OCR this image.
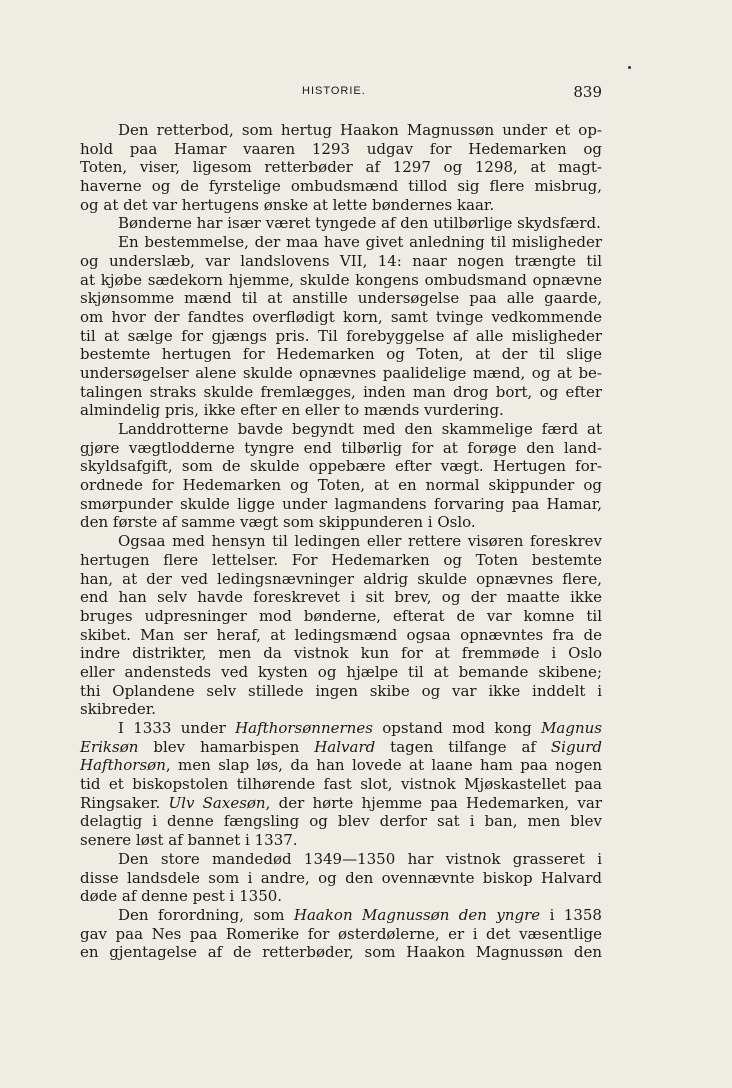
HISTORIE.	839
Den retterbod, som hertug Haakon Magnussøn under et op-
hold paa Hamar vaaren 1293 udgav for Hedemarken og
Toten, viser, ligesom retterbøder af 1297 og 1298, at magt-
haverne og de fyrstelige ombudsmænd tillod sig flere misbrug,
og at det var hertugens ønske at lette bøndernes kaar.
Bønderne har især været tyngede af den utilbørlige skydsfærd.
En bestemmelse, der maa have givet anledning til misligheder
og underslæb, var landslovens VII, 14: naar nogen trængte til
at kjøbe sædekorn hjemme, skulde kongens ombudsmand opnævne
skjønsomme mænd til at anstille undersøgelse paa alle gaarde,
om hvor der fandtes overflødigt korn, samt tvinge vedkommende
til at sælge for gjængs pris. Til forebyggelse af alle misligheder
bestemte hertugen for Hedemarken og Toten, at der til slige
undersøgelser alene skulde opnævnes paalidelige mænd, og at be-
talingen straks skulde fremlægges, inden man drog bort, og efter
almindelig pris, ikke efter en eller to mænds vurdering.
Landdrotterne bavde begyndt med den skammelige færd at
gjøre vægtlodderne tyngre end tilbørlig for at forøge den land-
skyldsafgift, som de skulde oppebære efter vægt. Hertugen for-
ordnede for Hedemarken og Toten, at en normal skippunder og
smørpunder skulde ligge under lagmandens forvaring paa Hamar,
den første af samme vægt som skippunderen i Oslo.
Ogsaa med hensyn til ledingen eller rettere visøren foreskrev
hertugen flere lettelser. For Hedemarken og Toten bestemte
han, at der ved ledingsnævninger aldrig skulde opnævnes flere,
end han selv havde foreskrevet i sit brev, og der maatte ikke
bruges udpresninger mod bønderne, efterat de var komne til
skibet. Man ser heraf, at ledingsmænd ogsaa opnævntes fra de
indre distrikter, men da vistnok kun for at fremmøde i Oslo
eller andensteds ved kysten og hjælpe til at bemande skibene;
thi Oplandene selv stillede ingen skibe og var ikke inddelt i
skibreder.
I 1333 under Hafthorsønnernes opstand mod kong Magnus
Eriksøn blev hamarbispen Halvard tagen tilfange af Sigurd
Hafthorsøn, men slap løs, da han lovede at laane ham paa nogen
tid et biskopstolen tilhørende fast slot, vistnok Mjøskastellet paa
Ringsaker. Ulv Saxesøn, der hørte hjemme paa Hedemarken, var
delagtig i denne fængsling og blev derfor sat i ban, men blev
senere løst af bannet i 1337.
Den store mandedød 1349—1350 har vistnok grasseret i
disse landsdele som i andre, og den ovennævnte biskop Halvard
døde af denne pest i 1350.
Den forordning, som Haakon Magnussøn den yngre i 1358
gav paa Nes paa Romerike for østerdølerne, er i det væsentlige
en gjentagelse af de retterbøder, som Haakon Magnussøn den
